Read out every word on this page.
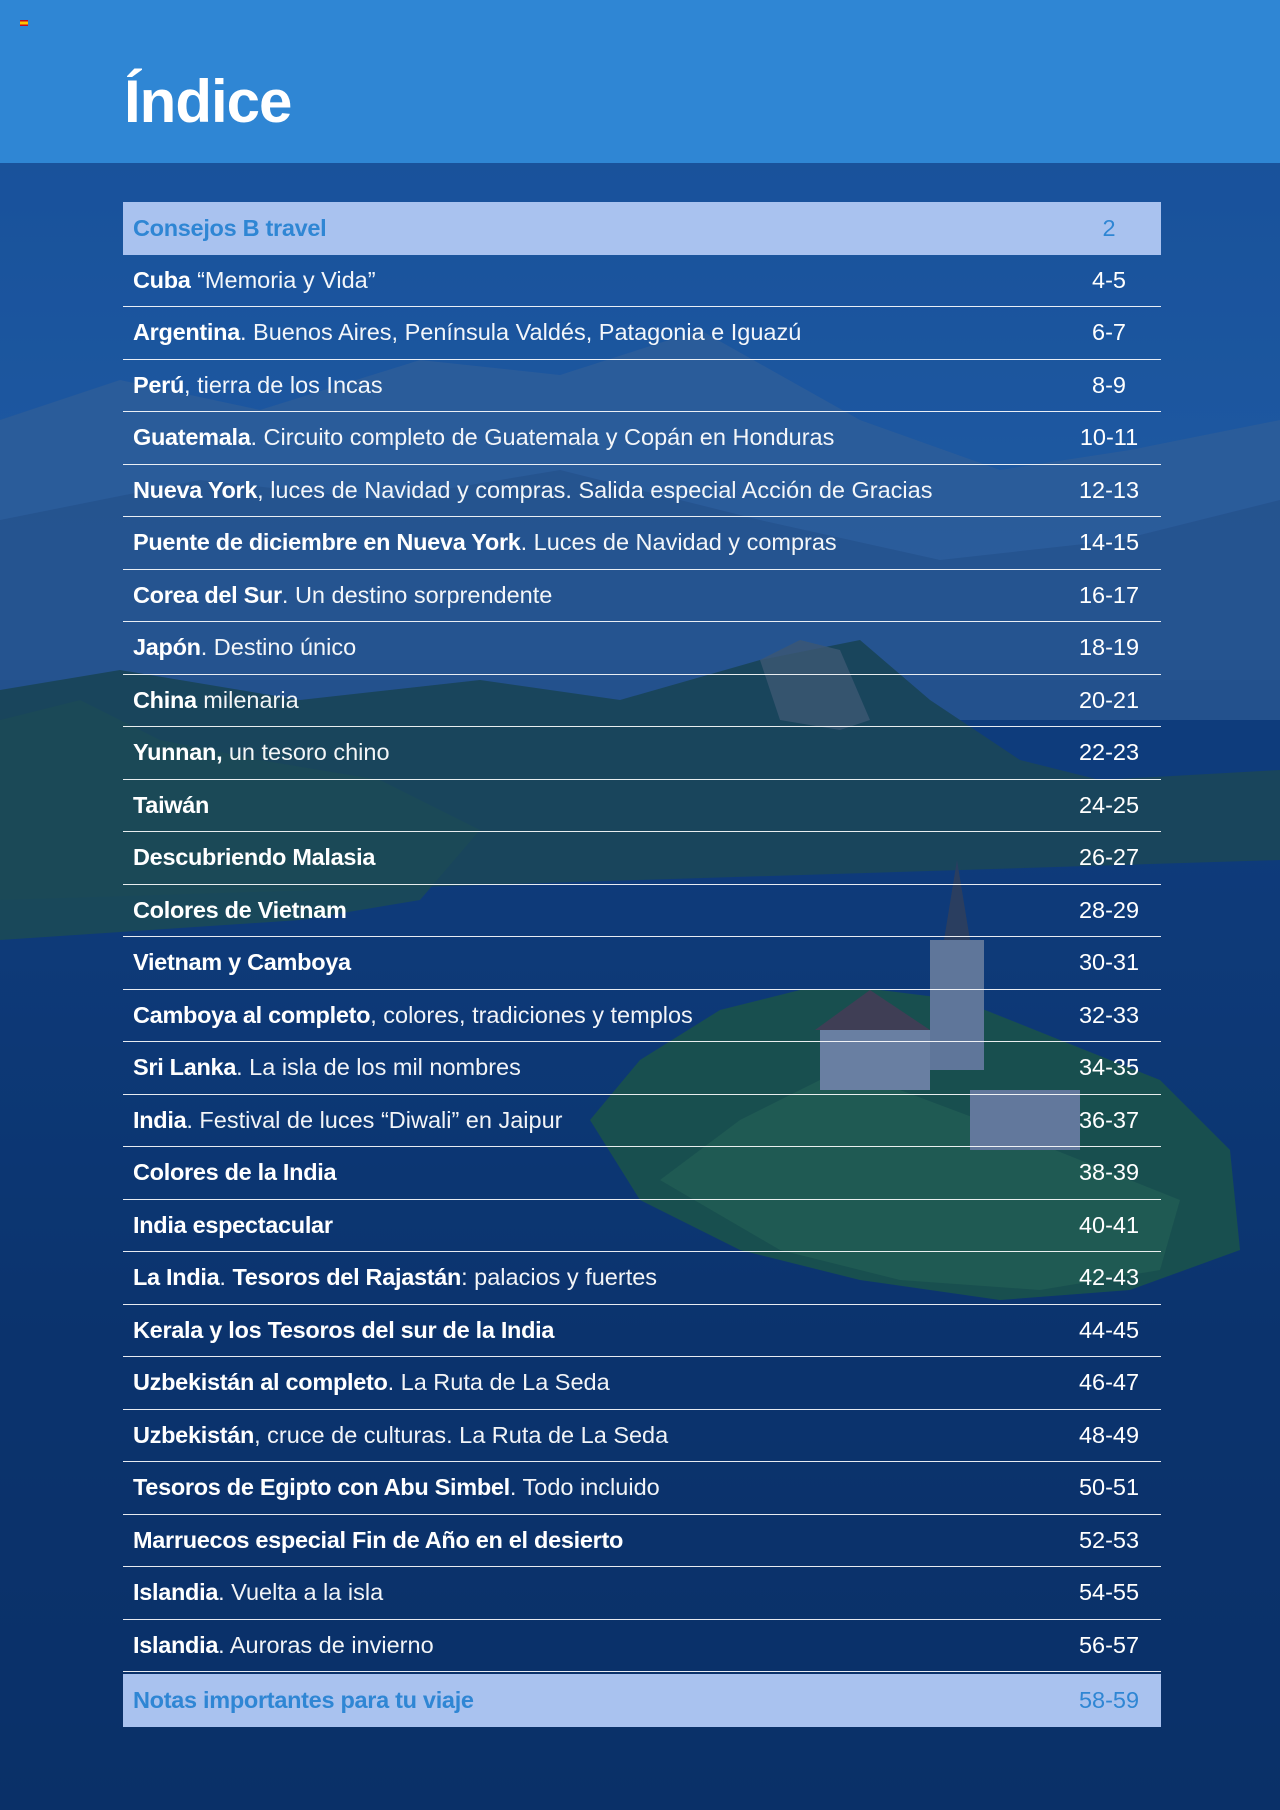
Índice
Consejos B travel	2
Cuba “Memoria y Vida”	4-5
Argentina. Buenos Aires, Península Valdés, Patagonia e Iguazú	6-7
Perú, tierra de los Incas	8-9
Guatemala. Circuito completo de Guatemala y Copán en Honduras	10-11
Nueva York, luces de Navidad y compras. Salida especial Acción de Gracias	12-13
Puente de diciembre en Nueva York. Luces de Navidad y compras	14-15
Corea del Sur. Un destino sorprendente	16-17
Japón. Destino único	18-19
China milenaria	20-21
Yunnan, un tesoro chino	22-23
Taiwán	24-25
Descubriendo Malasia	26-27
Colores de Vietnam	28-29
Vietnam y Camboya	30-31
Camboya al completo, colores, tradiciones y templos	32-33
Sri Lanka. La isla de los mil nombres	34-35
India. Festival de luces “Diwali” en Jaipur	36-37
Colores de la India	38-39
India espectacular	40-41
La India. Tesoros del Rajastán: palacios y fuertes	42-43
Kerala y los Tesoros del sur de la India	44-45
Uzbekistán al completo. La Ruta de La Seda	46-47
Uzbekistán, cruce de culturas. La Ruta de La Seda	48-49
Tesoros de Egipto con Abu Simbel. Todo incluido	50-51
Marruecos especial Fin de Año en el desierto	52-53
Islandia. Vuelta a la isla	54-55
Islandia. Auroras de invierno	56-57
Notas importantes para tu viaje	58-59
